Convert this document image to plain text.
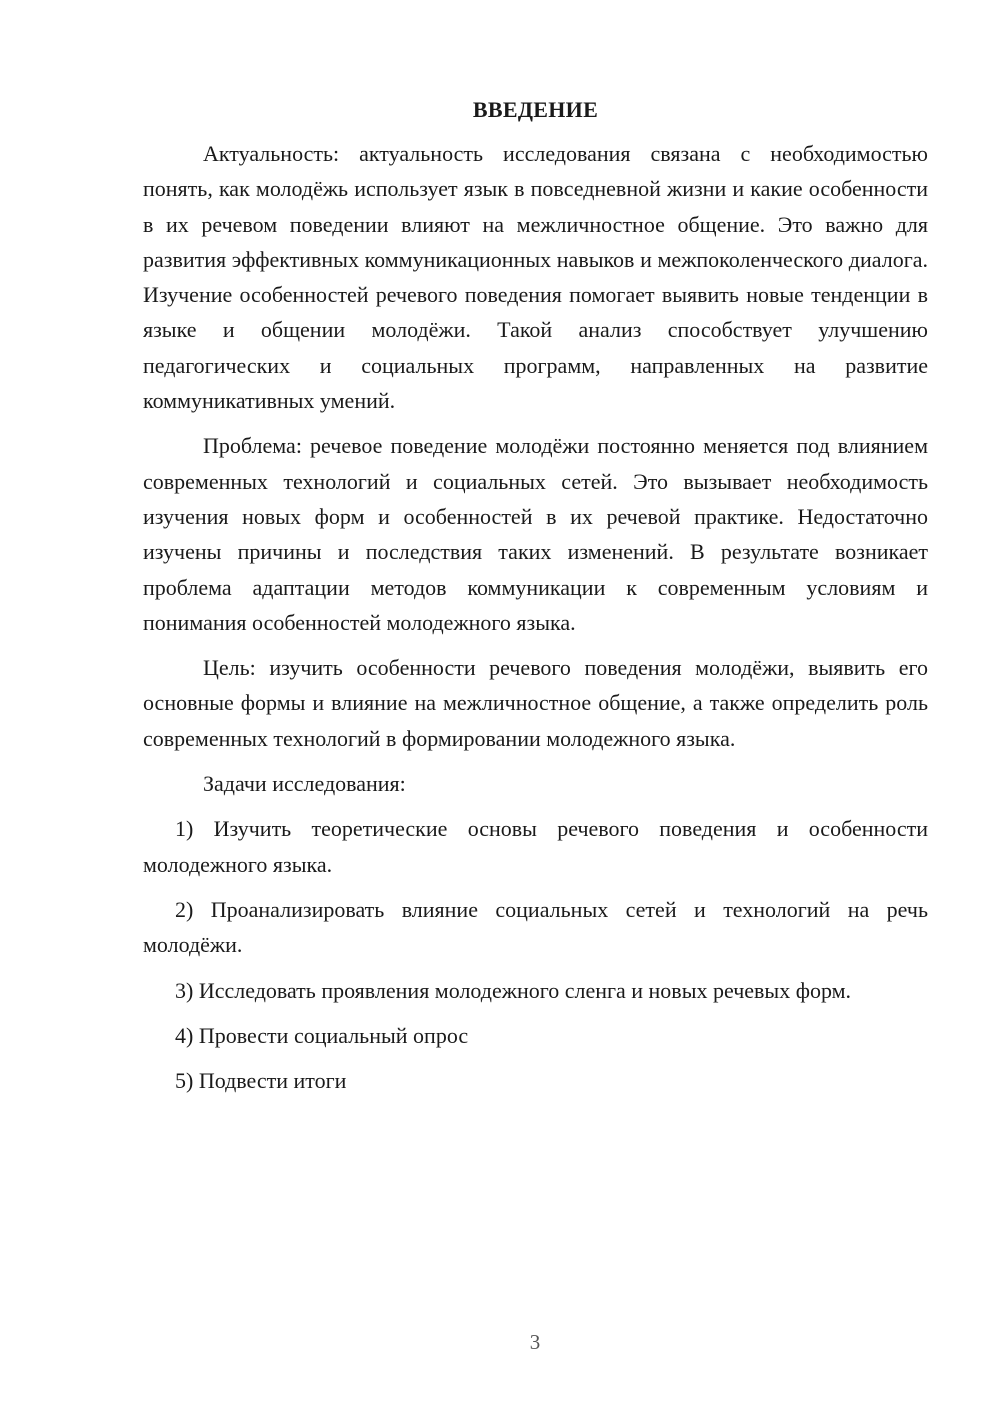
ВВЕДЕНИЕ

Актуальность: актуальность исследования связана с необходимостью понять, как молодёжь использует язык в повседневной жизни и какие особенности в их речевом поведении влияют на межличностное общение. Это важно для развития эффективных коммуникационных навыков и межпоколенческого диалога. Изучение особенностей речевого поведения помогает выявить новые тенденции в языке и общении молодёжи. Такой анализ способствует улучшению педагогических и социальных программ, направленных на развитие коммуникативных умений.

Проблема: речевое поведение молодёжи постоянно меняется под влиянием современных технологий и социальных сетей. Это вызывает необходимость изучения новых форм и особенностей в их речевой практике. Недостаточно изучены причины и последствия таких изменений. В результате возникает проблема адаптации методов коммуникации к современным условиям и понимания особенностей молодежного языка.

Цель: изучить особенности речевого поведения молодёжи, выявить его основные формы и влияние на межличностное общение, а также определить роль современных технологий в формировании молодежного языка.

Задачи исследования:

1) Изучить теоретические основы речевого поведения и особенности молодежного языка.

2) Проанализировать влияние социальных сетей и технологий на речь молодёжи.

3) Исследовать проявления молодежного сленга и новых речевых форм.

4) Провести социальный опрос

5) Подвести итоги

3
